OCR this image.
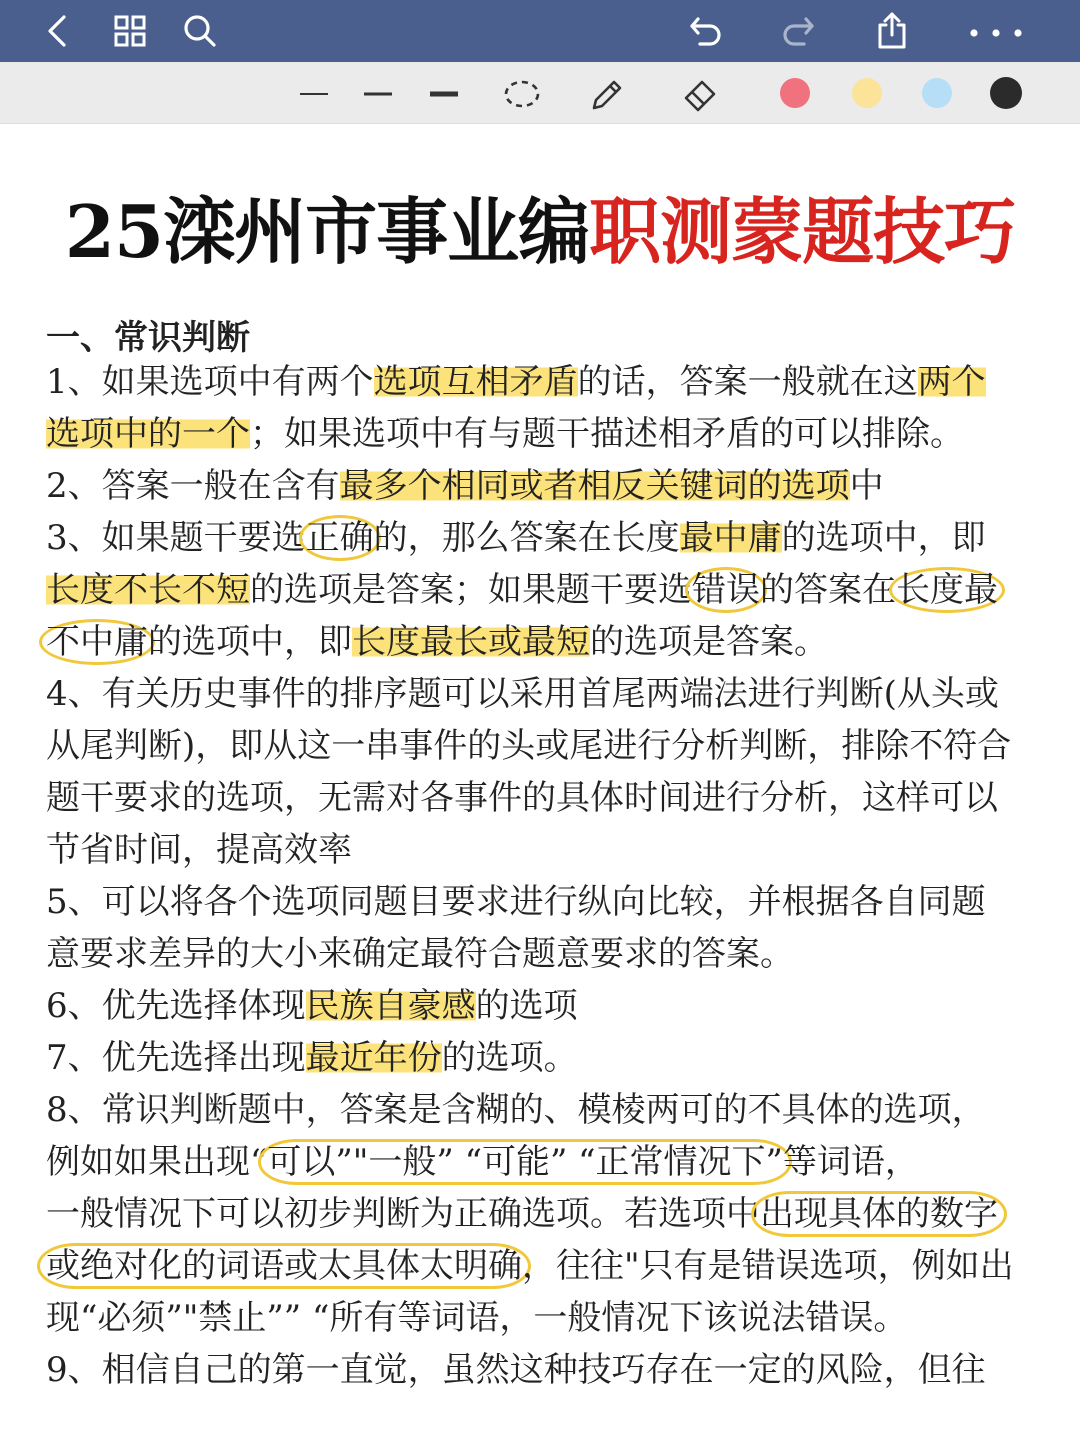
25滦州市事业编职测蒙题技巧
一、常识判断
1、如果选项中有两个选项互相矛盾的话，答案一般就在这两个
选项中的一个；如果选项中有与题干描述相矛盾的可以排除。
2、答案一般在含有最多个相同或者相反关键词的选项中
3、如果题干要选正确的，那么答案在长度最中庸的选项中，即
长度不长不短的选项是答案；如果题干要选错误的答案在长度最
不中庸的选项中，即长度最长或最短的选项是答案。
4、有关历史事件的排序题可以采用首尾两端法进行判断(从头或
从尾判断)，即从这一串事件的头或尾进行分析判断，排除不符合
题干要求的选项，无需对各事件的具体时间进行分析，这样可以
节省时间，提高效率
5、可以将各个选项同题目要求进行纵向比较，并根据各自同题
意要求差异的大小来确定最符合题意要求的答案。
6、优先选择体现民族自豪感的选项
7、优先选择出现最近年份的选项。
8、常识判断题中，答案是含糊的、模棱两可的不具体的选项，
例如如果出现“可以”"一般” “可能” “正常情况下”等词语，
一般情况下可以初步判断为正确选项。若选项中出现具体的数字
或绝对化的词语或太具体太明确，往往"只有是错误选项，例如出
现“必须”"禁止”” “所有等词语，一般情况下该说法错误。
9、相信自己的第一直觉，虽然这种技巧存在一定的风险，但往
